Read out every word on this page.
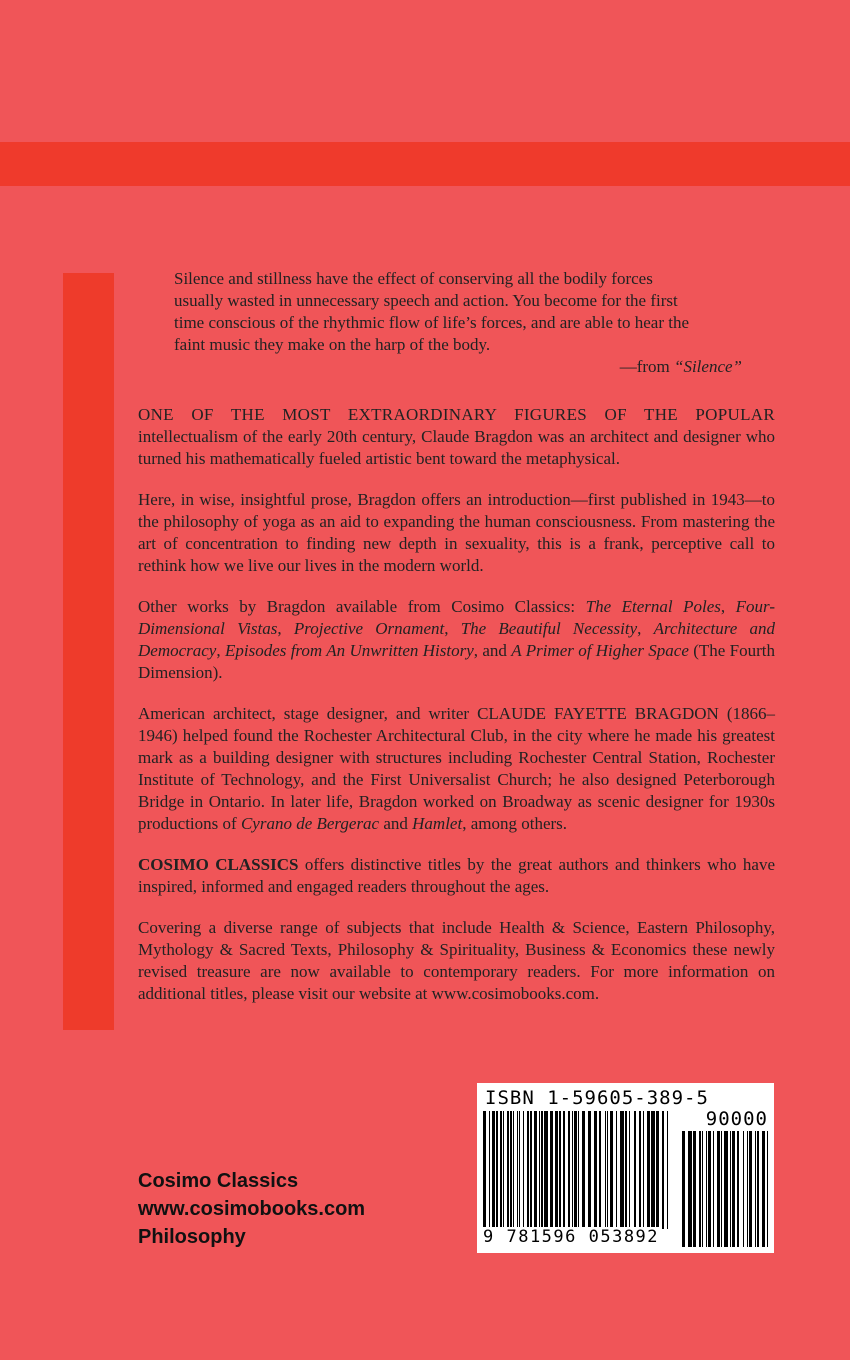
Silence and stillness have the effect of conserving all the bodily forces

usually wasted in unnecessary speech and action. You become for the first

time conscious of the rhythmic flow of life’s forces, and are able to hear the

faint music they make on the harp of the body.

—from “Silence”

ONE OF THE MOST EXTRAORDINARY FIGURES OF THE POPULAR intellectualism of the early 20th century, Claude Bragdon was an architect and designer who turned his mathematically fueled artistic bent toward the metaphysical.

Here, in wise, insightful prose, Bragdon offers an introduction—first published in 1943—to the philosophy of yoga as an aid to expanding the human consciousness. From mastering the art of concentration to finding new depth in sexuality, this is a frank, perceptive call to rethink how we live our lives in the modern world.

Other works by Bragdon available from Cosimo Classics: The Eternal Poles, Four-Dimensional Vistas, Projective Ornament, The Beautiful Necessity, Architecture and Democracy, Episodes from An Unwritten History, and A Primer of Higher Space (The Fourth Dimension).

American architect, stage designer, and writer CLAUDE FAYETTE BRAGDON (1866–1946) helped found the Rochester Architectural Club, in the city where he made his greatest mark as a building designer with structures including Rochester Central Station, Rochester Institute of Technology, and the First Universalist Church; he also designed Peterborough Bridge in Ontario. In later life, Bragdon worked on Broadway as scenic designer for 1930s productions of Cyrano de Bergerac and Hamlet, among others.

COSIMO CLASSICS offers distinctive titles by the great authors and thinkers who have inspired, informed and engaged readers throughout the ages.

Covering a diverse range of subjects that include Health & Science, Eastern Philosophy, Mythology & Sacred Texts, Philosophy & Spirituality, Business & Economics these newly revised treasure are now available to contemporary readers. For more information on additional titles, please visit our website at www.cosimobooks.com.

Cosimo Classics
www.cosimobooks.com
Philosophy
ISBN 1-59605-389-5
90000
9 781596 053892
